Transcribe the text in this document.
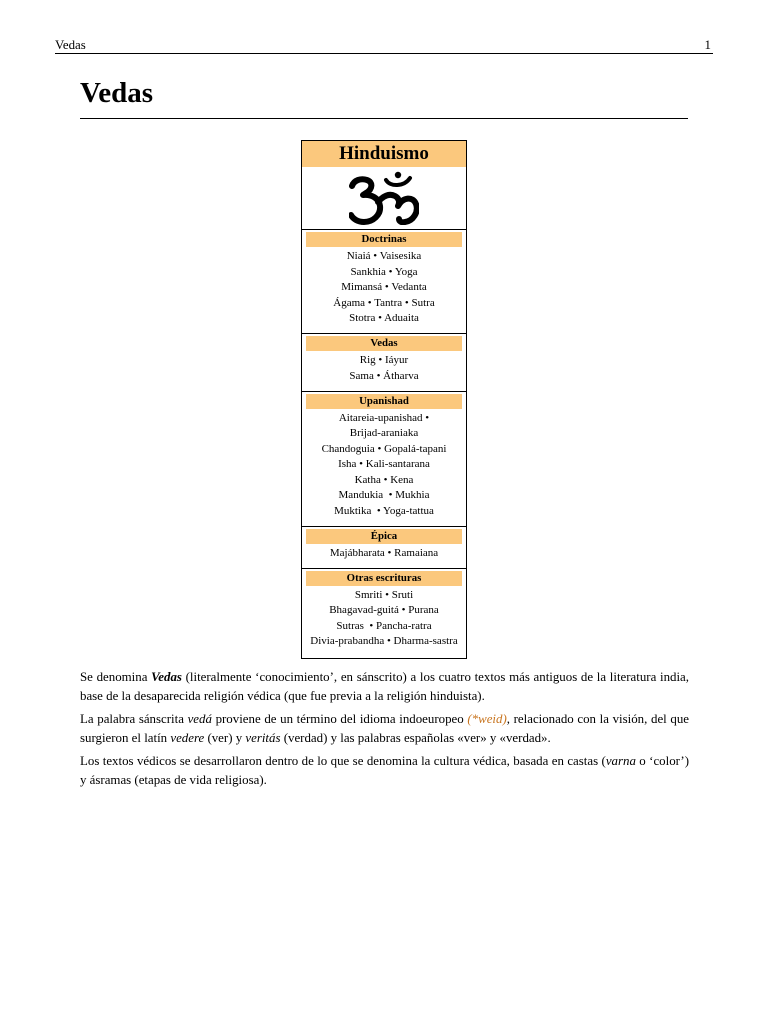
Vedas	1
Vedas
Hinduismo
Doctrinas
Niaiá • Vaisesika
Sankhia • Yoga
Mimansá • Vedanta
Ágama • Tantra • Sutra
Stotra • Aduaita
Vedas
Rig • Iáyur
Sama • Átharva
Upanishad
Aitareia-upanishad •
Brijad-araniaka
Chandoguia • Gopalá-tapani
Isha • Kali-santarana
Katha • Kena
Mandukia  • Mukhia
Muktika  • Yoga-tattua
Épica
Majábharata • Ramaiana
Otras escrituras
Smriti • Sruti
Bhagavad-guitá • Purana
Sutras  • Pancha-ratra
Divia-prabandha • Dharma-sastra

Se denomina Vedas (literalmente ‘conocimiento’, en sánscrito) a los cuatro textos más antiguos de la literatura india, base de la desaparecida religión védica (que fue previa a la religión hinduista).

La palabra sánscrita vedá proviene de un término del idioma indoeuropeo (*weid), relacionado con la visión, del que surgieron el latín vedere (ver) y veritás (verdad) y las palabras españolas «ver» y «verdad».

Los textos védicos se desarrollaron dentro de lo que se denomina la cultura védica, basada en castas (varna o ‘color’) y ásramas (etapas de vida religiosa).
